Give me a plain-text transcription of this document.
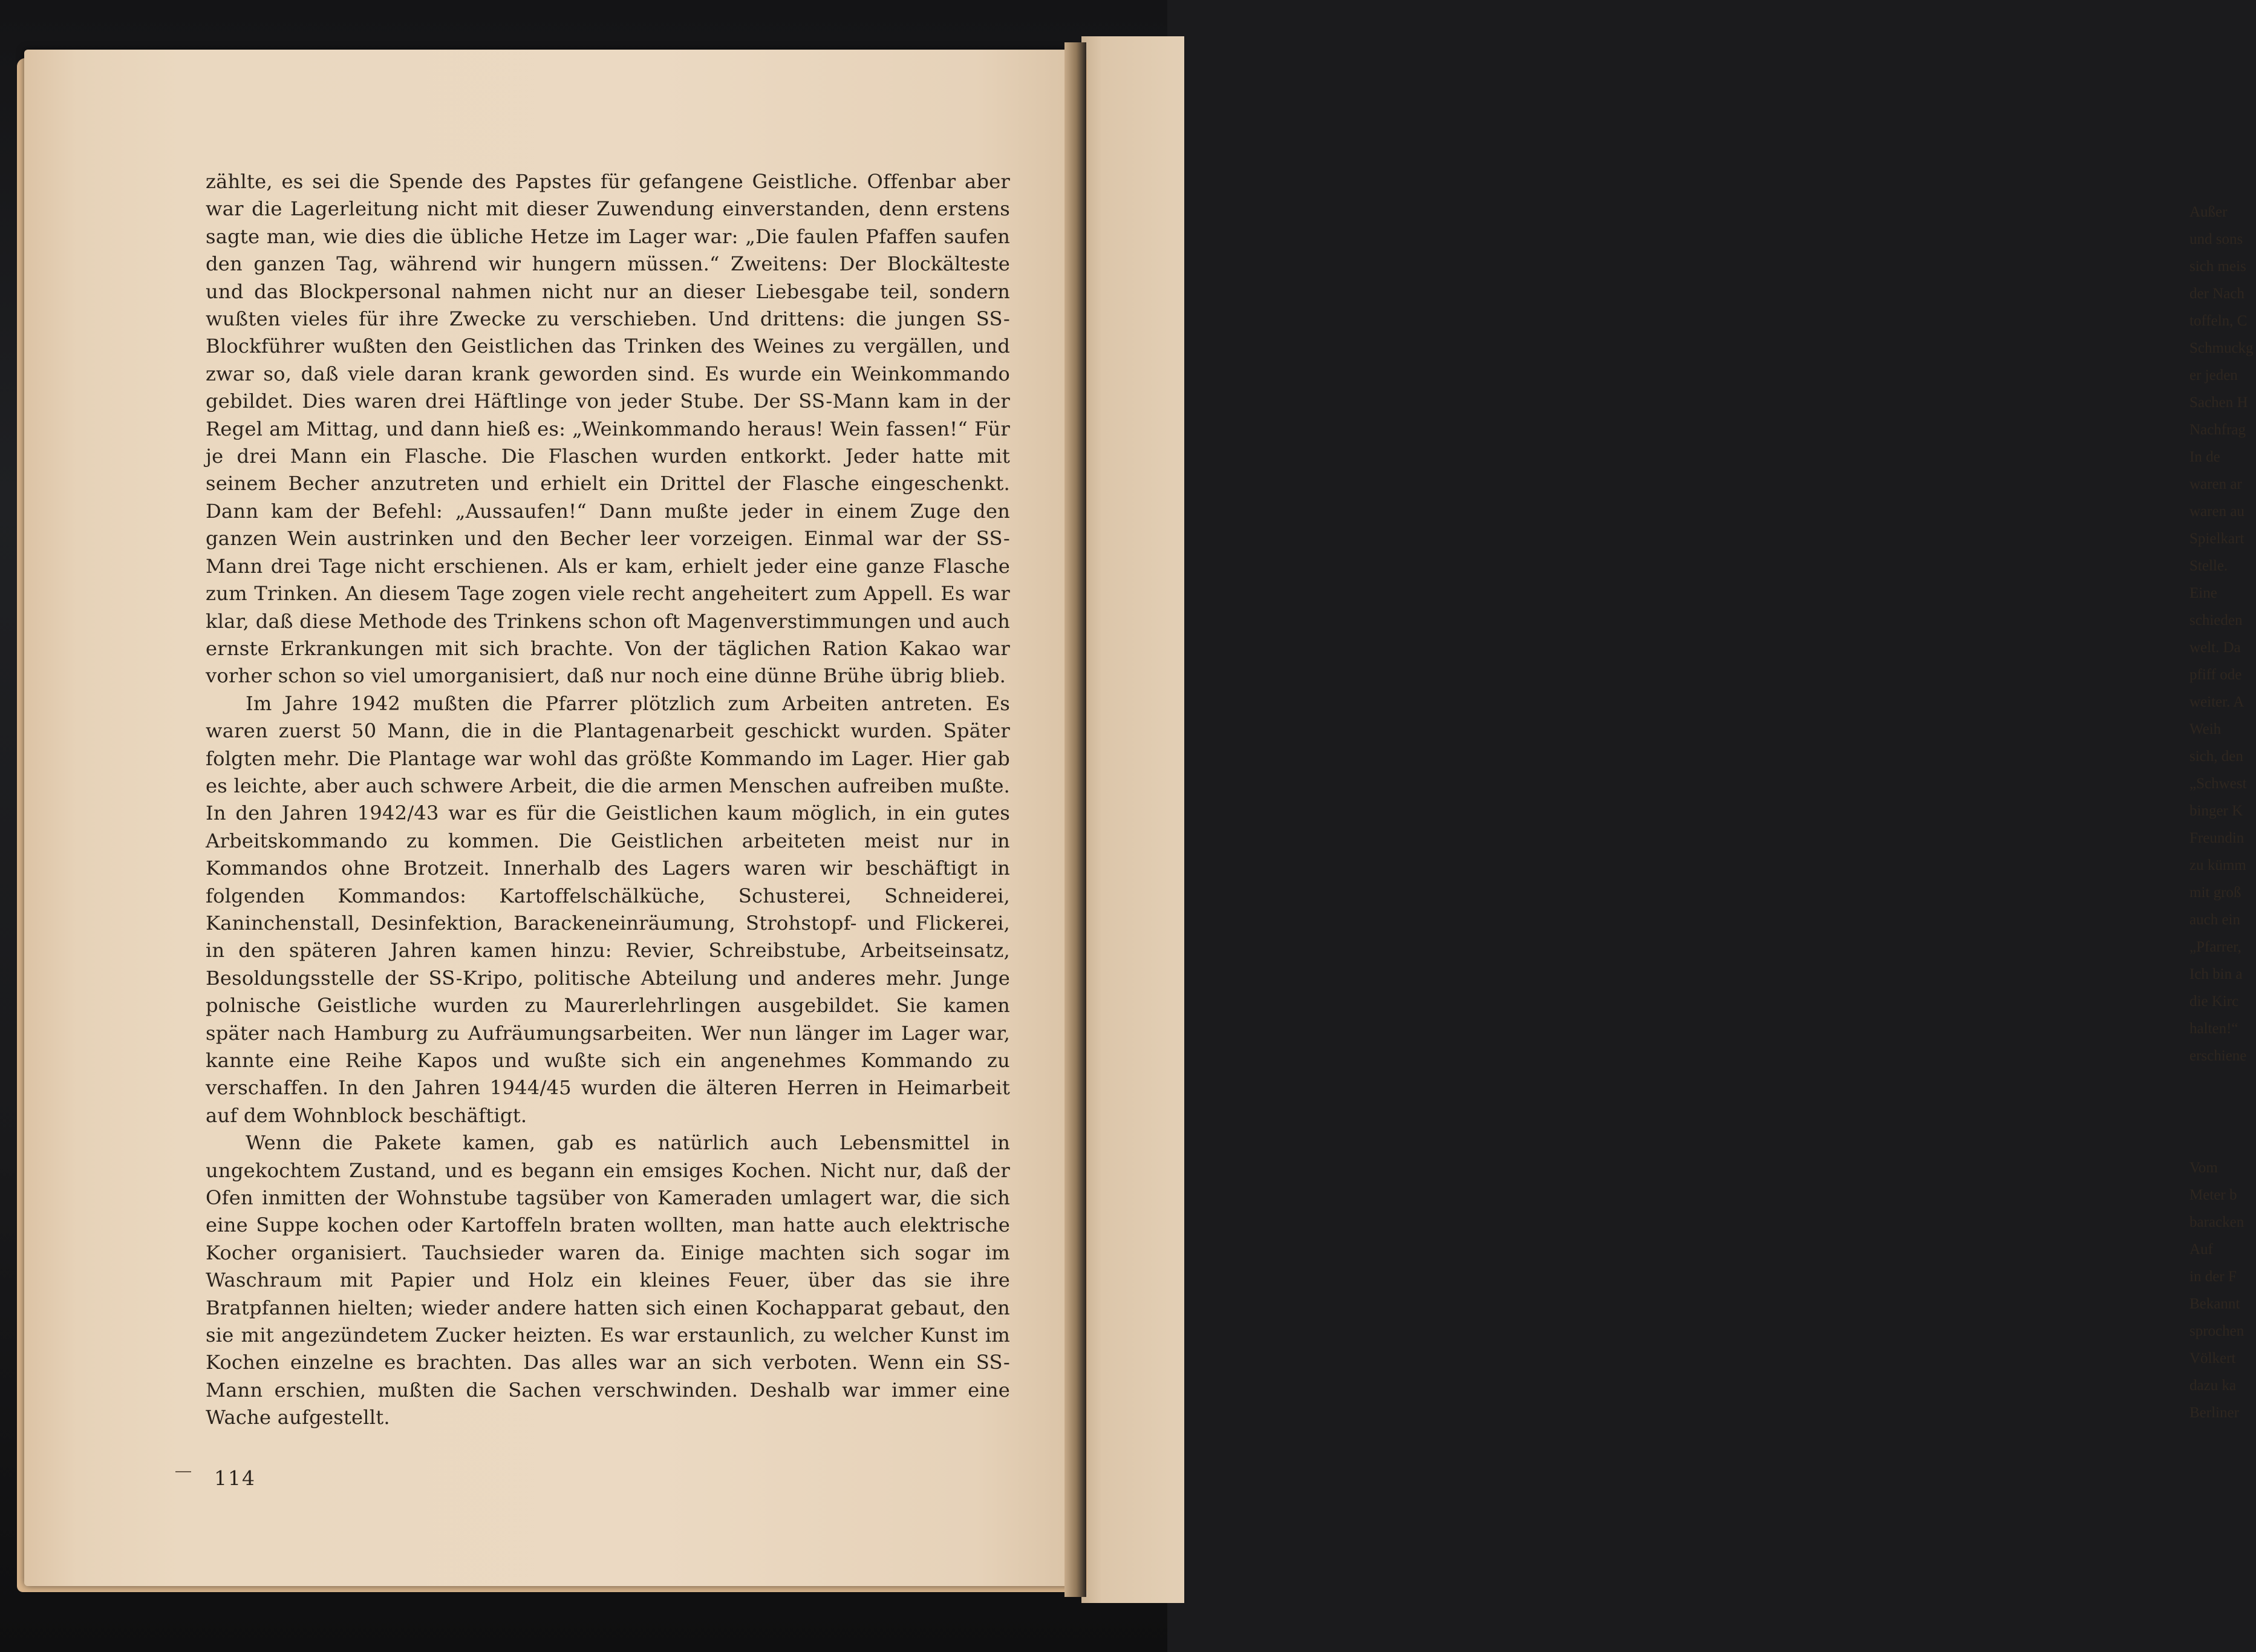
Außer
und sons
sich meis
der Nach
toffeln, C
Schmuckg
er jeden
Sachen H
Nachfrag
In de
waren ar
waren au
Spielkart
Stelle.
Eine
schieden
welt. Da
pfiff ode
weiter. A
Weih
sich, den
„Schwest
binger K
Freundin
zu kümm
mit groß
auch ein
„Pfarrer,
Ich bin a
die Kirc
halten!“
erschiene
Vom
Meter b
baracken
Auf
in der F
Bekannt
sprochen
Völkert
dazu ka
Berliner

zählte, es sei die Spende des Papstes für gefangene Geistliche. Offenbar aber war die Lagerleitung nicht mit dieser Zuwendung einverstanden, denn erstens sagte man, wie dies die übliche Hetze im Lager war: „Die faulen Pfaffen saufen den ganzen Tag, während wir hungern müssen.“ Zweitens: Der Blockälteste und das Blockpersonal nahmen nicht nur an dieser Liebesgabe teil, sondern wußten vieles für ihre Zwecke zu verschieben. Und drittens: die jungen SS-Blockführer wußten den Geistlichen das Trinken des Weines zu vergällen, und zwar so, daß viele daran krank geworden sind. Es wurde ein Weinkommando gebildet. Dies waren drei Häftlinge von jeder Stube. Der SS-Mann kam in der Regel am Mittag, und dann hieß es: „Weinkommando heraus! Wein fassen!“ Für je drei Mann ein Flasche. Die Flaschen wurden entkorkt. Jeder hatte mit seinem Becher anzutreten und erhielt ein Drittel der Flasche eingeschenkt. Dann kam der Befehl: „Aussaufen!“ Dann mußte jeder in einem Zuge den ganzen Wein austrinken und den Becher leer vorzeigen. Einmal war der SS-Mann drei Tage nicht erschienen. Als er kam, erhielt jeder eine ganze Flasche zum Trinken. An diesem Tage zogen viele recht angeheitert zum Appell. Es war klar, daß diese Methode des Trinkens schon oft Magenverstimmungen und auch ernste Erkrankungen mit sich brachte. Von der täglichen Ration Kakao war vorher schon so viel umorganisiert, daß nur noch eine dünne Brühe übrig blieb.

Im Jahre 1942 mußten die Pfarrer plötzlich zum Arbeiten antreten. Es waren zuerst 50 Mann, die in die Plantagenarbeit geschickt wurden. Später folgten mehr. Die Plantage war wohl das größte Kommando im Lager. Hier gab es leichte, aber auch schwere Arbeit, die die armen Menschen aufreiben mußte. In den Jahren 1942/43 war es für die Geistlichen kaum möglich, in ein gutes Arbeitskommando zu kommen. Die Geistlichen arbeiteten meist nur in Kommandos ohne Brotzeit. Innerhalb des Lagers waren wir beschäftigt in folgenden Kommandos: Kartoffelschälküche, Schusterei, Schneiderei, Kaninchenstall, Desinfektion, Barackeneinräumung, Strohstopf- und Flickerei, in den späteren Jahren kamen hinzu: Revier, Schreibstube, Arbeitseinsatz, Besoldungsstelle der SS-Kripo, politische Abteilung und anderes mehr. Junge polnische Geistliche wurden zu Maurerlehrlingen ausgebildet. Sie kamen später nach Hamburg zu Aufräumungsarbeiten. Wer nun länger im Lager war, kannte eine Reihe Kapos und wußte sich ein angenehmes Kommando zu verschaffen. In den Jahren 1944/45 wurden die älteren Herren in Heimarbeit auf dem Wohnblock beschäftigt.

Wenn die Pakete kamen, gab es natürlich auch Lebensmittel in ungekochtem Zustand, und es begann ein emsiges Kochen. Nicht nur, daß der Ofen inmitten der Wohnstube tagsüber von Kameraden umlagert war, die sich eine Suppe kochen oder Kartoffeln braten wollten, man hatte auch elektrische Kocher organisiert. Tauchsieder waren da. Einige machten sich sogar im Waschraum mit Papier und Holz ein kleines Feuer, über das sie ihre Bratpfannen hielten; wieder andere hatten sich einen Kochapparat gebaut, den sie mit angezündetem Zucker heizten. Es war erstaunlich, zu welcher Kunst im Kochen einzelne es brachten. Das alles war an sich verboten. Wenn ein SS-Mann erschien, mußten die Sachen verschwinden. Deshalb war immer eine Wache aufgestellt.

114
